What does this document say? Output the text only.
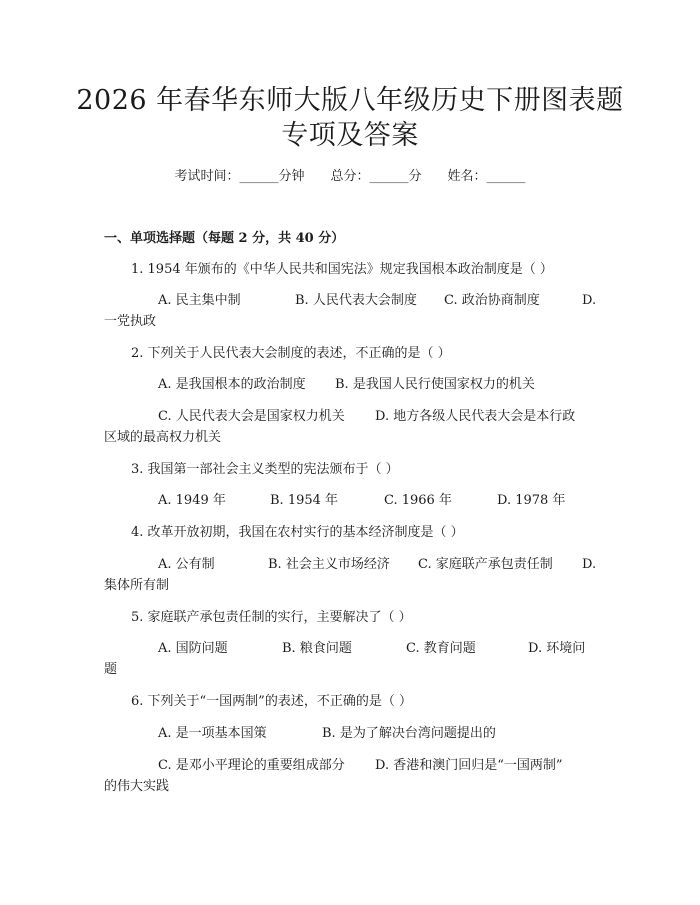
2026 年春华东师大版八年级历史下册图表题
专项及答案
考试时间：______分钟 总分：______分 姓名：______
一、单项选择题（每题 2 分，共 40 分）
1. 1954 年颁布的《中华人民共和国宪法》规定我国根本政治制度是（ ）
A. 民主集中制	B. 人民代表大会制度 C. 政治协商制度	D.
一党执政
2. 下列关于人民代表大会制度的表述，不正确的是（ ）
A. 是我国根本的政治制度 B. 是我国人民行使国家权力的机关
C. 人民代表大会是国家权力机关 D. 地方各级人民代表大会是本行政
区域的最高权力机关
3. 我国第一部社会主义类型的宪法颁布于（ ）
A. 1949 年	B. 1954 年	C. 1966 年	D. 1978 年
4. 改革开放初期，我国在农村实行的基本经济制度是（ ）
A. 公有制	B. 社会主义市场经济 C. 家庭联产承包责任制 D.
集体所有制
5. 家庭联产承包责任制的实行，主要解决了（ ）
A. 国防问题	B. 粮食问题	C. 教育问题	D. 环境问
题
6. 下列关于“一国两制”的表述，不正确的是（ ）
A. 是一项基本国策	B. 是为了解决台湾问题提出的
C. 是邓小平理论的重要组成部分 D. 香港和澳门回归是“一国两制”
的伟大实践
